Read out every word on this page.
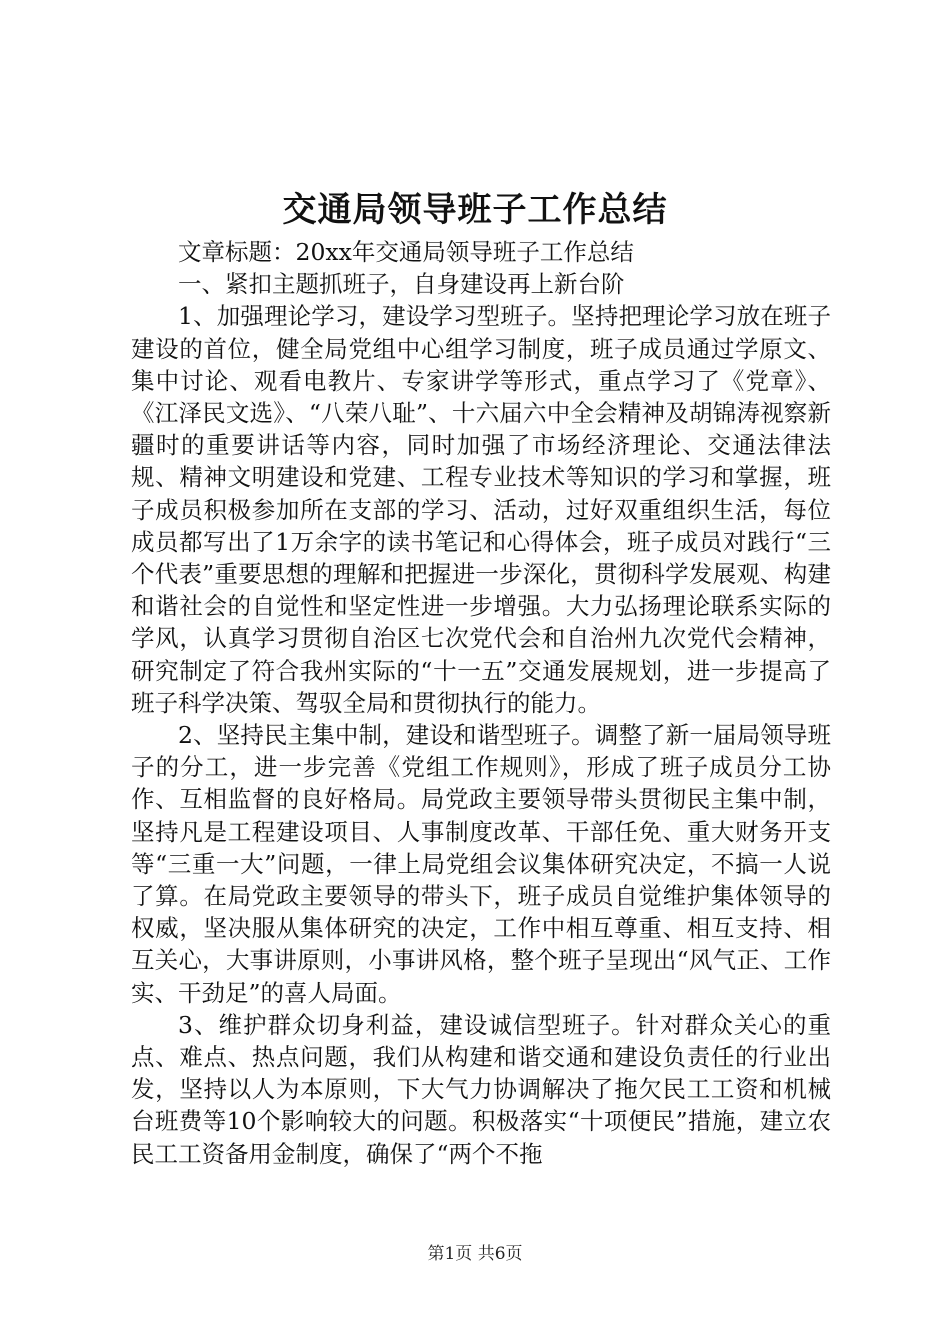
交通局领导班子工作总结

文章标题：20xx年交通局领导班子工作总结

一、紧扣主题抓班子，自身建设再上新台阶

1、加强理论学习，建设学习型班子。坚持把理论学习放在班子建设的首位，健全局党组中心组学习制度，班子成员通过学原文、集中讨论、观看电教片、专家讲学等形式，重点学习了《党章》、《江泽民文选》、“八荣八耻”、十六届六中全会精神及胡锦涛视察新疆时的重要讲话等内容，同时加强了市场经济理论、交通法律法规、精神文明建设和党建、工程专业技术等知识的学习和掌握，班子成员积极参加所在支部的学习、活动，过好双重组织生活，每位成员都写出了1万余字的读书笔记和心得体会，班子成员对践行“三个代表”重要思想的理解和把握进一步深化，贯彻科学发展观、构建和谐社会的自觉性和坚定性进一步增强。大力弘扬理论联系实际的学风，认真学习贯彻自治区七次党代会和自治州九次党代会精神，研究制定了符合我州实际的“十一五”交通发展规划，进一步提高了班子科学决策、驾驭全局和贯彻执行的能力。

2、坚持民主集中制，建设和谐型班子。调整了新一届局领导班子的分工，进一步完善《党组工作规则》，形成了班子成员分工协作、互相监督的良好格局。局党政主要领导带头贯彻民主集中制，坚持凡是工程建设项目、人事制度改革、干部任免、重大财务开支等“三重一大”问题，一律上局党组会议集体研究决定，不搞一人说了算。在局党政主要领导的带头下，班子成员自觉维护集体领导的权威，坚决服从集体研究的决定，工作中相互尊重、相互支持、相互关心，大事讲原则，小事讲风格，整个班子呈现出“风气正、工作实、干劲足”的喜人局面。

3、维护群众切身利益，建设诚信型班子。针对群众关心的重点、难点、热点问题，我们从构建和谐交通和建设负责任的行业出发，坚持以人为本原则，下大气力协调解决了拖欠民工工资和机械台班费等10个影响较大的问题。积极落实“十项便民”措施，建立农民工工资备用金制度，确保了“两个不拖

第1页 共6页
